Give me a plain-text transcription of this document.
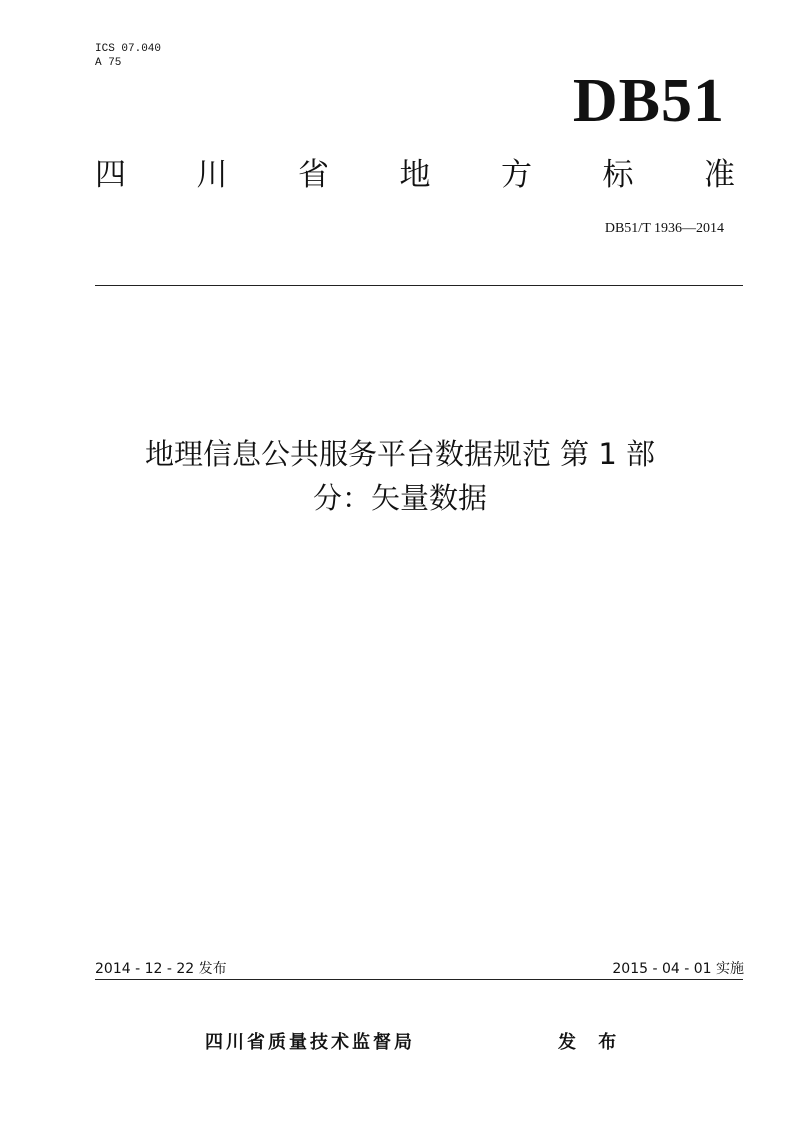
ICS 07.040
A 75
DB51
四 川 省 地 方 标 准
DB51/T 1936—2014
地理信息公共服务平台数据规范 第 1 部
分：矢量数据
2014 - 12 - 22 发布	2015 - 04 - 01 实施
四川省质量技术监督局	发 布
